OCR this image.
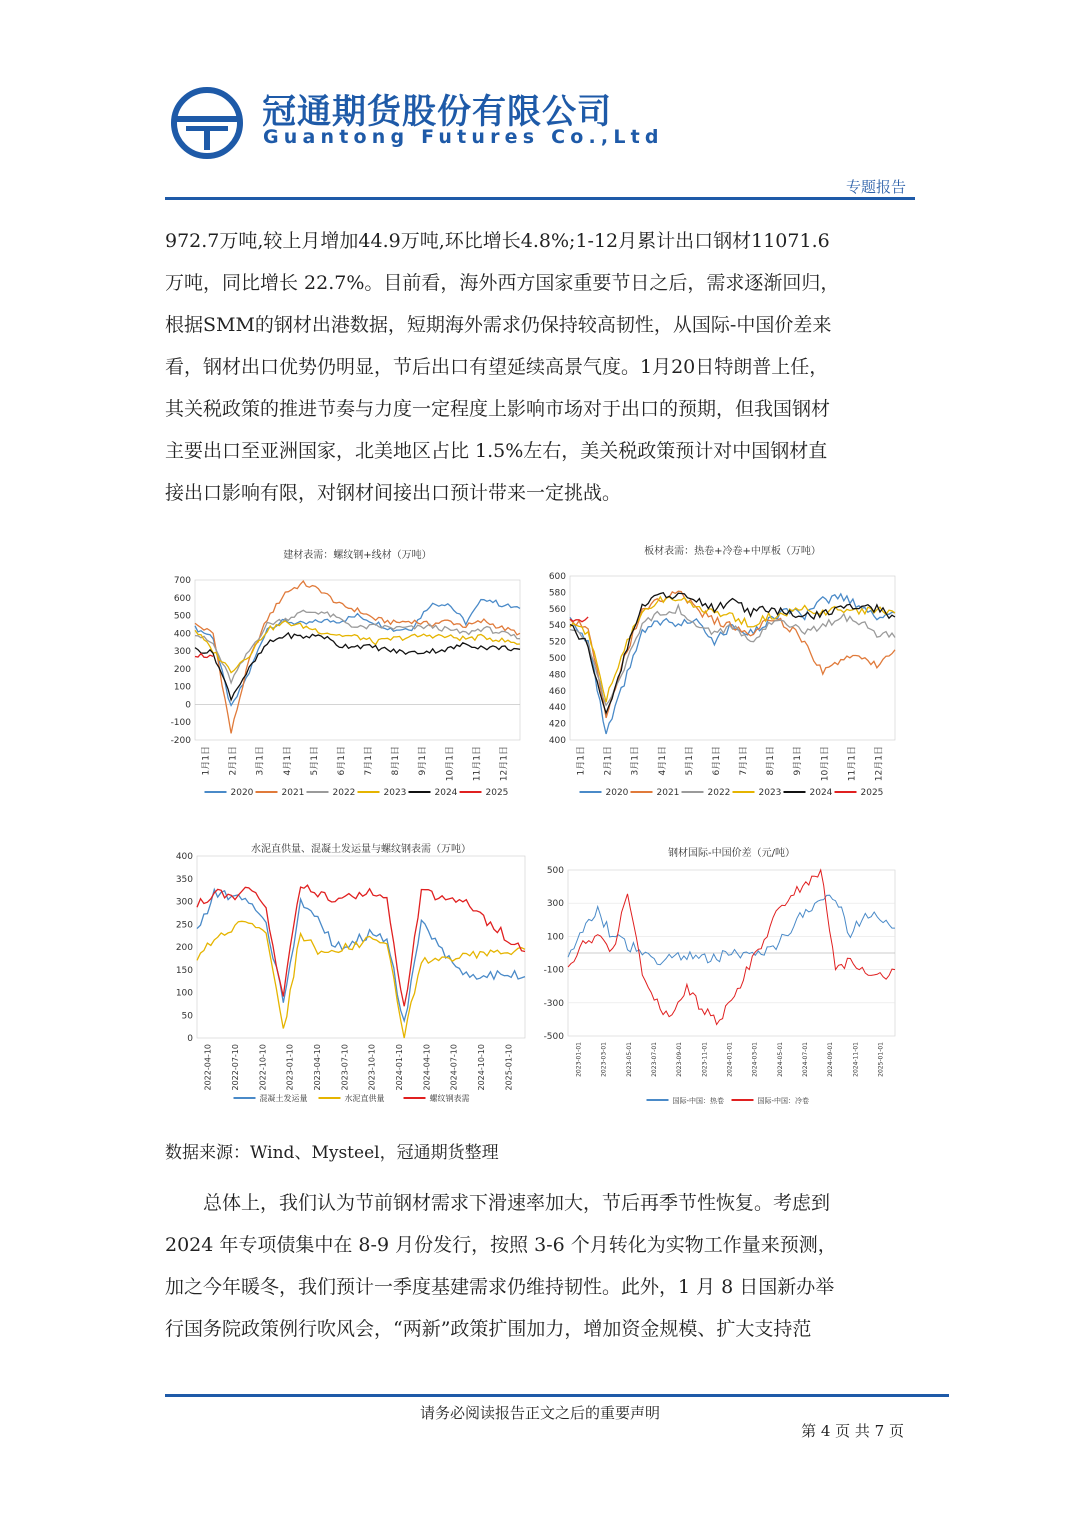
冠通期货股份有限公司
Guantong Futures Co.,Ltd
专题报告
972.7万吨,较上月增加44.9万吨,环比增长4.8%;1-12月累计出口钢材11071.6
万吨，同比增长 22.7%。目前看，海外西方国家重要节日之后，需求逐渐回归，
根据SMM的钢材出港数据，短期海外需求仍保持较高韧性，从国际-中国价差来
看，钢材出口优势仍明显，节后出口有望延续高景气度。1月20日特朗普上任，
其关税政策的推进节奏与力度一定程度上影响市场对于出口的预期，但我国钢材
主要出口至亚洲国家，北美地区占比 1.5%左右，美关税政策预计对中国钢材直
接出口影响有限，对钢材间接出口预计带来一定挑战。
建材表需：螺纹钢+线材（万吨）
-200
-100
0
100
200
300
400
500
600
700
1月1日 2月1日 3月1日 4月1日 5月1日 6月1日 7月1日 8月1日 9月1日 10月1日 11月1日 12月1日
2020	2021	2022	2023	2024	2025
板材表需：热卷+冷卷+中厚板（万吨）
400
420
440
460
480
500
520
540
560
580
600
1月1日 2月1日 3月1日 4月1日 5月1日 6月1日 7月1日 8月1日 9月1日 10月1日 11月1日 12月1日
2020	2021	2022	2023	2024	2025
水泥直供量、混凝土发运量与螺纹钢表需（万吨）
0
50
100
150
200
250
300
350
400
2022-04-10 2022-07-10 2022-10-10 2023-01-10 2023-04-10 2023-07-10 2023-10-10 2024-01-10 2024-04-10 2024-07-10 2024-10-10 2025-01-10
混凝土发运量	水泥直供量	螺纹钢表需
钢材国际-中国价差（元/吨）
-500
-300
-100
100
300
500
2023-01-01	2023-03-01	2023-05-01	2023-07-01	2023-09-01	2023-11-01	2024-01-01	2024-03-01	2024-05-01	2024-07-01	2024-09-01	2024-11-01	2025-01-01
国际-中国：热卷	国际-中国：冷卷
数据来源：Wind、Mysteel，冠通期货整理
总体上，我们认为节前钢材需求下滑速率加大，节后再季节性恢复。考虑到
2024 年专项债集中在 8-9 月份发行，按照 3-6 个月转化为实物工作量来预测，
加之今年暖冬，我们预计一季度基建需求仍维持韧性。此外，1 月 8 日国新办举
行国务院政策例行吹风会，“两新”政策扩围加力，增加资金规模、扩大支持范
请务必阅读报告正文之后的重要声明
第 4 页 共 7 页
